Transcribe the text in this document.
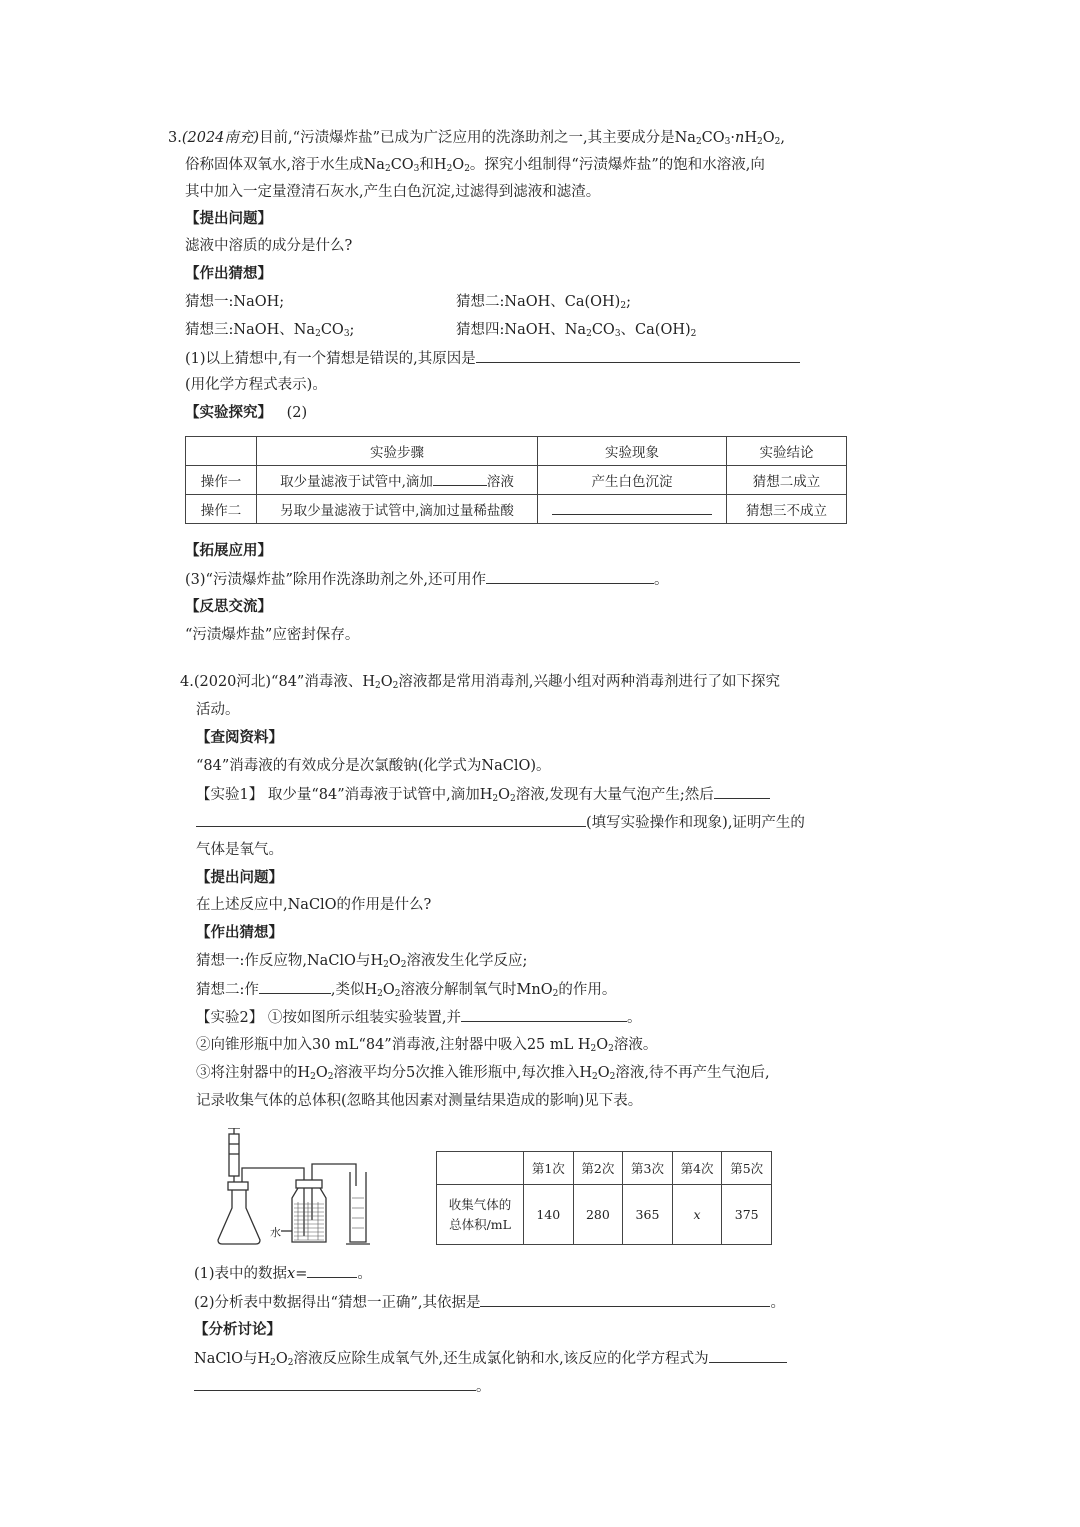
3.(2024南充)目前,“污渍爆炸盐”已成为广泛应用的洗涤助剂之一,其主要成分是$Na_2CO_3\cdot nH_2O_2$,
俗称固体双氧水,溶于水生成$Na_2CO_3$和$H_2O_2$。探究小组制得“污渍爆炸盐”的饱和水溶液,向
其中加入一定量澄清石灰水,产生白色沉淀,过滤得到滤液和滤渣。
【提出问题】
滤液中溶质的成分是什么?
【作出猜想】
猜想一:NaOH;	猜想二:NaOH、$Ca(OH)_2$;
猜想三:NaOH、$Na_2CO_3$;	猜想四:NaOH、$Na_2CO_3$、$Ca(OH)_2$
(1)以上猜想中,有一个猜想是错误的,其原因是
(用化学方程式表示)。
【实验探究】 (2)
	实验步骤	实验现象	实验结论
操作一	取少量滤液于试管中,滴加 溶液	产生白色沉淀	猜想二成立
操作二	另取少量滤液于试管中,滴加过量稀盐酸		猜想三不成立
【拓展应用】
(3)“污渍爆炸盐”除用作洗涤助剂之外,还可用作	。
【反思交流】
“污渍爆炸盐”应密封保存。
4.(2020河北)“84”消毒液、$H_2O_2$溶液都是常用消毒剂,兴趣小组对两种消毒剂进行了如下探究
活动。
【查阅资料】
“84”消毒液的有效成分是次氯酸钠(化学式为NaClO)。
【实验1】 取少量“84”消毒液于试管中,滴加$H_2O_2$溶液,发现有大量气泡产生;然后
(填写实验操作和现象),证明产生的
气体是氧气。
【提出问题】
在上述反应中,NaClO的作用是什么?
【作出猜想】
猜想一:作反应物,NaClO与$H_2O_2$溶液发生化学反应;
猜想二:作	,类似$H_2O_2$溶液分解制氧气时MnO$_2$的作用。
【实验2】 ①按如图所示组装实验装置,并	。
②向锥形瓶中加入30 mL“84”消毒液,注射器中吸入25 mL $H_2O_2$溶液。
③将注射器中的$H_2O_2$溶液平均分5次推入锥形瓶中,每次推入$H_2O_2$溶液,待不再产生气泡后,
记录收集气体的总体积(忽略其他因素对测量结果造成的影响)见下表。
水
	第1次	第2次	第3次	第4次	第5次

收集气体的
总体积/mL	140	280	365	x	375
(1)表中的数据x=	。
(2)分析表中数据得出“猜想一正确”,其依据是	。
【分析讨论】
NaClO与$H_2O_2$溶液反应除生成氧气外,还生成氯化钠和水,该反应的化学方程式为
。
